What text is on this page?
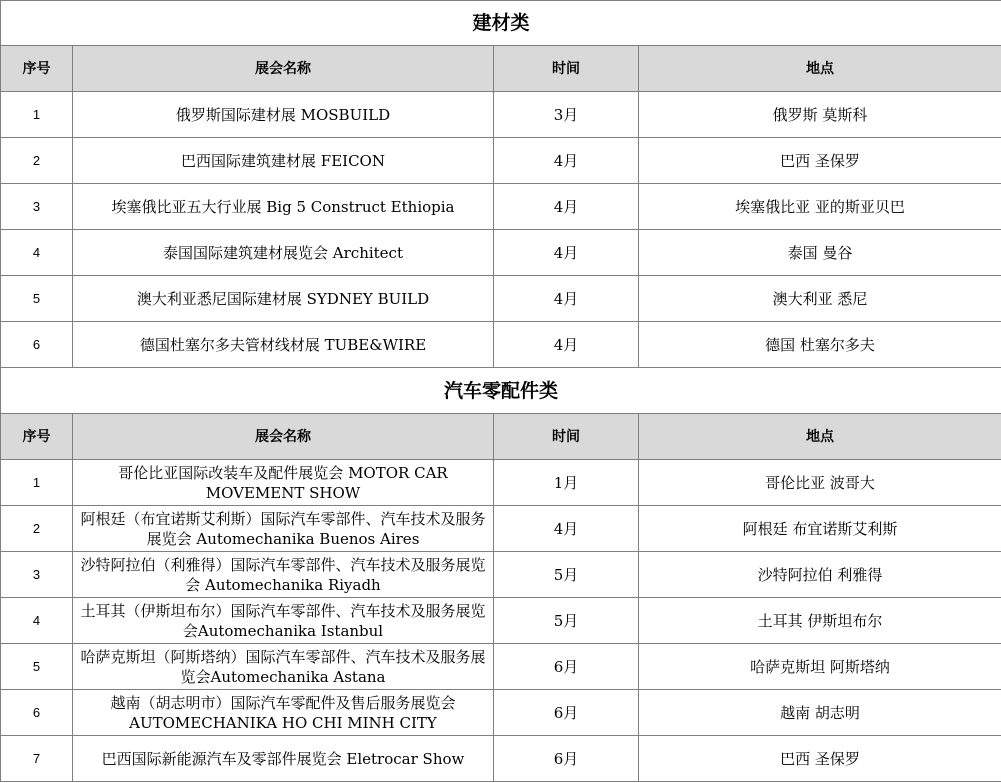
建材类			
序号	展会名称	时间	地点
1	俄罗斯国际建材展 MOSBUILD	3月	俄罗斯 莫斯科
2	巴西国际建筑建材展 FEICON	4月	巴西 圣保罗
3	埃塞俄比亚五大行业展 Big 5 Construct Ethiopia	4月	埃塞俄比亚 亚的斯亚贝巴
4	泰国国际建筑建材展览会 Architect	4月	泰国 曼谷
5	澳大利亚悉尼国际建材展 SYDNEY BUILD	4月	澳大利亚 悉尼
6	德国杜塞尔多夫管材线材展 TUBE&WIRE	4月	德国 杜塞尔多夫
汽车零配件类			
序号	展会名称	时间	地点
1	哥伦比亚国际改装车及配件展览会 MOTOR CAR MOVEMENT SHOW	1月	哥伦比亚 波哥大
2	阿根廷（布宜诺斯艾利斯）国际汽车零部件、汽车技术及服务展览会 Automechanika Buenos Aires	4月	阿根廷 布宜诺斯艾利斯
3	沙特阿拉伯（利雅得）国际汽车零部件、汽车技术及服务展览会 Automechanika Riyadh	5月	沙特阿拉伯 利雅得
4	土耳其（伊斯坦布尔）国际汽车零部件、汽车技术及服务展览会Automechanika Istanbul	5月	土耳其 伊斯坦布尔
5	哈萨克斯坦（阿斯塔纳）国际汽车零部件、汽车技术及服务展览会Automechanika Astana	6月	哈萨克斯坦 阿斯塔纳
6	越南（胡志明市）国际汽车零配件及售后服务展览会 AUTOMECHANIKA HO CHI MINH CITY	6月	越南 胡志明
7	巴西国际新能源汽车及零部件展览会 Eletrocar Show	6月	巴西 圣保罗
